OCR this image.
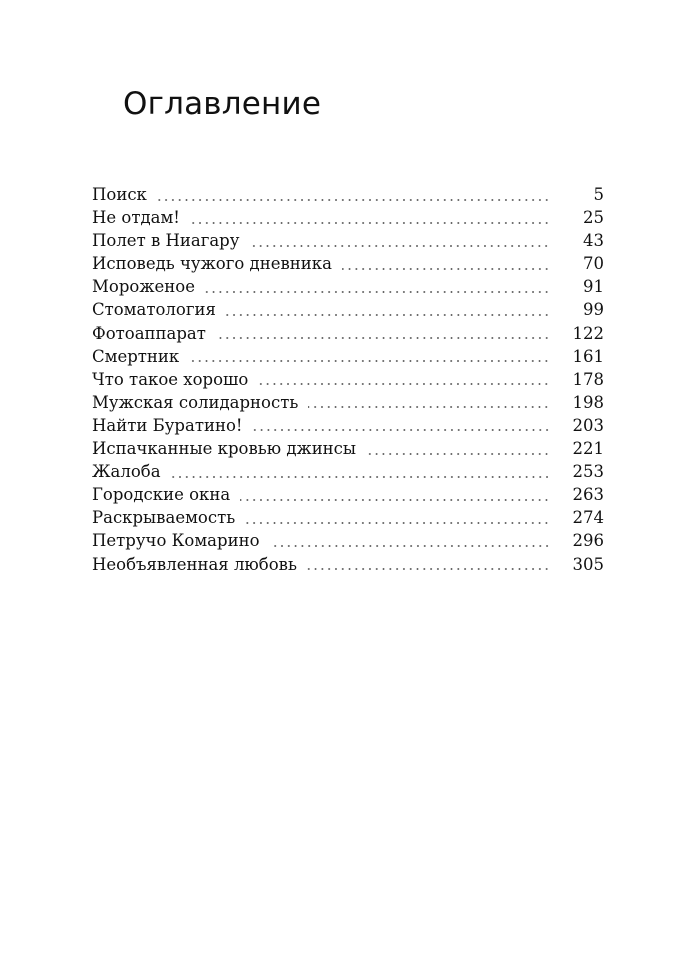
Оглавление
Поиск	5
Не отдам!	25
Полет в Ниагару	43
Исповедь чужого дневника	70
Мороженое	91
Стоматология	99
Фотоаппарат	122
Смертник	161
Что такое хорошо	178
Мужская солидарность	198
Найти Буратино!	203
Испачканные кровью джинсы	221
Жалоба	253
Городские окна	263
Раскрываемость	274
Петручо Комарино	296
Необъявленная любовь	305
